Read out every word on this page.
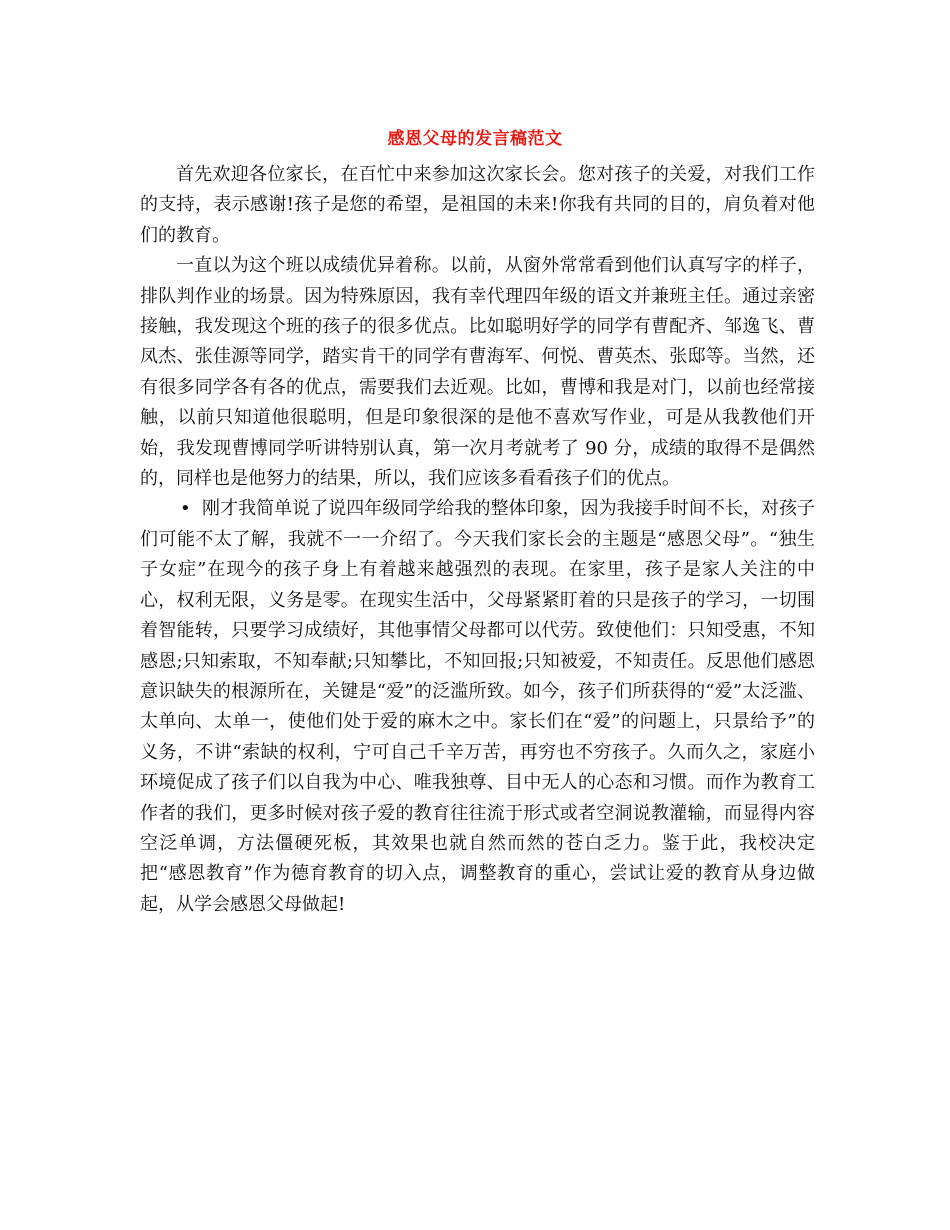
感恩父母的发言稿范文

首先欢迎各位家长，在百忙中来参加这次家长会。您对孩子的关爱，对我们工作的支持，表示感谢!孩子是您的希望，是祖国的未来!你我有共同的目的，肩负着对他们的教育。

一直以为这个班以成绩优异着称。以前，从窗外常常看到他们认真写字的样子，排队判作业的场景。因为特殊原因，我有幸代理四年级的语文并兼班主任。通过亲密接触，我发现这个班的孩子的很多优点。比如聪明好学的同学有曹配齐、邹逸飞、曹凤杰、张佳源等同学，踏实肯干的同学有曹海军、何悦、曹英杰、张邸等。当然，还有很多同学各有各的优点，需要我们去近观。比如，曹博和我是对门，以前也经常接触，以前只知道他很聪明，但是印象很深的是他不喜欢写作业，可是从我教他们开始，我发现曹博同学听讲特别认真，第一次月考就考了 90 分，成绩的取得不是偶然的，同样也是他努力的结果，所以，我们应该多看看孩子们的优点。

• 刚才我简单说了说四年级同学给我的整体印象，因为我接手时间不长，对孩子们可能不太了解，我就不一一介绍了。今天我们家长会的主题是“感恩父母”。“独生子女症”在现今的孩子身上有着越来越强烈的表现。在家里，孩子是家人关注的中心，权利无限，义务是零。在现实生活中，父母紧紧盯着的只是孩子的学习，一切围着智能转，只要学习成绩好，其他事情父母都可以代劳。致使他们：只知受惠，不知感恩;只知索取，不知奉献;只知攀比，不知回报;只知被爱，不知责任。反思他们感恩意识缺失的根源所在，关键是“爱”的泛滥所致。如今，孩子们所获得的“爱”太泛滥、太单向、太单一，使他们处于爱的麻木之中。家长们在“爱”的问题上，只景给予”的义务，不讲“索缺的权利，宁可自己千辛万苦，再穷也不穷孩子。久而久之，家庭小环境促成了孩子们以自我为中心、唯我独尊、目中无人的心态和习惯。而作为教育工作者的我们，更多时候对孩子爱的教育往往流于形式或者空洞说教灌输，而显得内容空泛单调，方法僵硬死板，其效果也就自然而然的苍白乏力。鉴于此，我校决定把“感恩教育”作为德育教育的切入点，调整教育的重心，尝试让爱的教育从身边做起，从学会感恩父母做起!
